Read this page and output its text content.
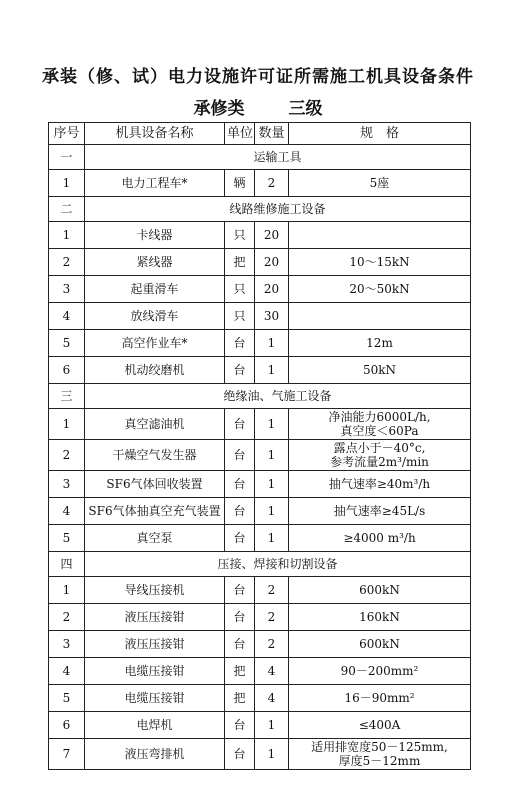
承装（修、试）电力设施许可证所需施工机具设备条件
承修类	三级
序号	机具设备名称	单位	数量	规　格
一	运输工具			
1	电力工程车*	辆	2	5座

二	线路维修施工设备			
1	卡线器	只	20	
2	紧线器	把	20	10～15kN

3	起重滑车	只	20	20～50kN

4	放线滑车	只	30	
5	高空作业车*	台	1	12m

6	机动绞磨机	台	1	50kN

三	绝缘油、气施工设备			
1	真空滤油机	台	1	净油能力6000L/h,
真空度＜60Pa

2	干燥空气发生器	台	1	露点小于－40°c,
参考流量2m³/min

3	SF6气体回收装置	台	1	抽气速率≥40m³/h

4	SF6气体抽真空充气装置	台	1	抽气速率≥45L/s

5	真空泵	台	1	≥4000 m³/h

四	压接、焊接和切割设备			
1	导线压接机	台	2	600kN

2	液压压接钳	台	2	160kN

3	液压压接钳	台	2	600kN

4	电缆压接钳	把	4	90－200mm²

5	电缆压接钳	把	4	16－90mm²

6	电焊机	台	1	≤400A

7	液压弯排机	台	1	适用排宽度50－125mm,
厚度5－12mm
